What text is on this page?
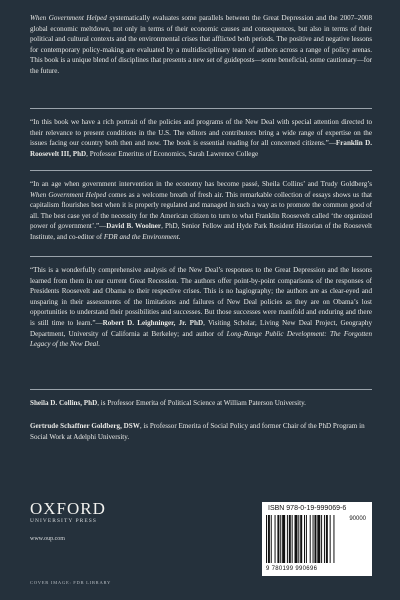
When Government Helped systematically evaluates some parallels between the Great Depression and the 2007–2008 global economic meltdown, not only in terms of their economic causes and consequences, but also in terms of their political and cultural contexts and the environmental crises that afflicted both periods. The positive and negative lessons for contemporary policy-making are evaluated by a multidisciplinary team of authors across a range of policy arenas. This book is a unique blend of disciplines that presents a new set of guideposts—some beneficial, some cautionary—for the future.
“In this book we have a rich portrait of the policies and programs of the New Deal with special attention directed to their relevance to present conditions in the U.S. The editors and contributors bring a wide range of expertise on the issues facing our country both then and now. The book is essential reading for all concerned citizens.”—Franklin D. Roosevelt III, PhD, Professor Emeritus of Economics, Sarah Lawrence College
“In an age when government intervention in the economy has become passé, Sheila Collins’ and Trudy Goldberg’s When Government Helped comes as a welcome breath of fresh air. This remarkable collection of essays shows us that capitalism flourishes best when it is properly regulated and managed in such a way as to promote the common good of all. The best case yet of the necessity for the American citizen to turn to what Franklin Roosevelt called ‘the organized power of government’.”—David B. Woolner, PhD, Senior Fellow and Hyde Park Resident Historian of the Roosevelt Institute, and co-editor of FDR and the Environment.
“This is a wonderfully comprehensive analysis of the New Deal’s responses to the Great Depression and the lessons learned from them in our current Great Recession. The authors offer point-by-point comparisons of the responses of Presidents Roosevelt and Obama to their respective crises. This is no hagiography; the authors are as clear-eyed and unsparing in their assessments of the limitations and failures of New Deal policies as they are on Obama’s lost opportunities to understand their possibilities and successes. But those successes were manifold and enduring and there is still time to learn.”—Robert D. Leighninger, Jr. PhD, Visiting Scholar, Living New Deal Project, Geography Department, University of California at Berkeley; and author of Long-Range Public Development: The Forgotten Legacy of the New Deal.
Sheila D. Collins, PhD, is Professor Emerita of Political Science at William Paterson University.
Gertrude Schaffner Goldberg, DSW, is Professor Emerita of Social Policy and former Chair of the PhD Program in Social Work at Adelphi University.
OXFORD
UNIVERSITY PRESS
www.oup.com
COVER IMAGE: FDR LIBRARY
ISBN 978-0-19-999069-6
90000
9 780199 990696
